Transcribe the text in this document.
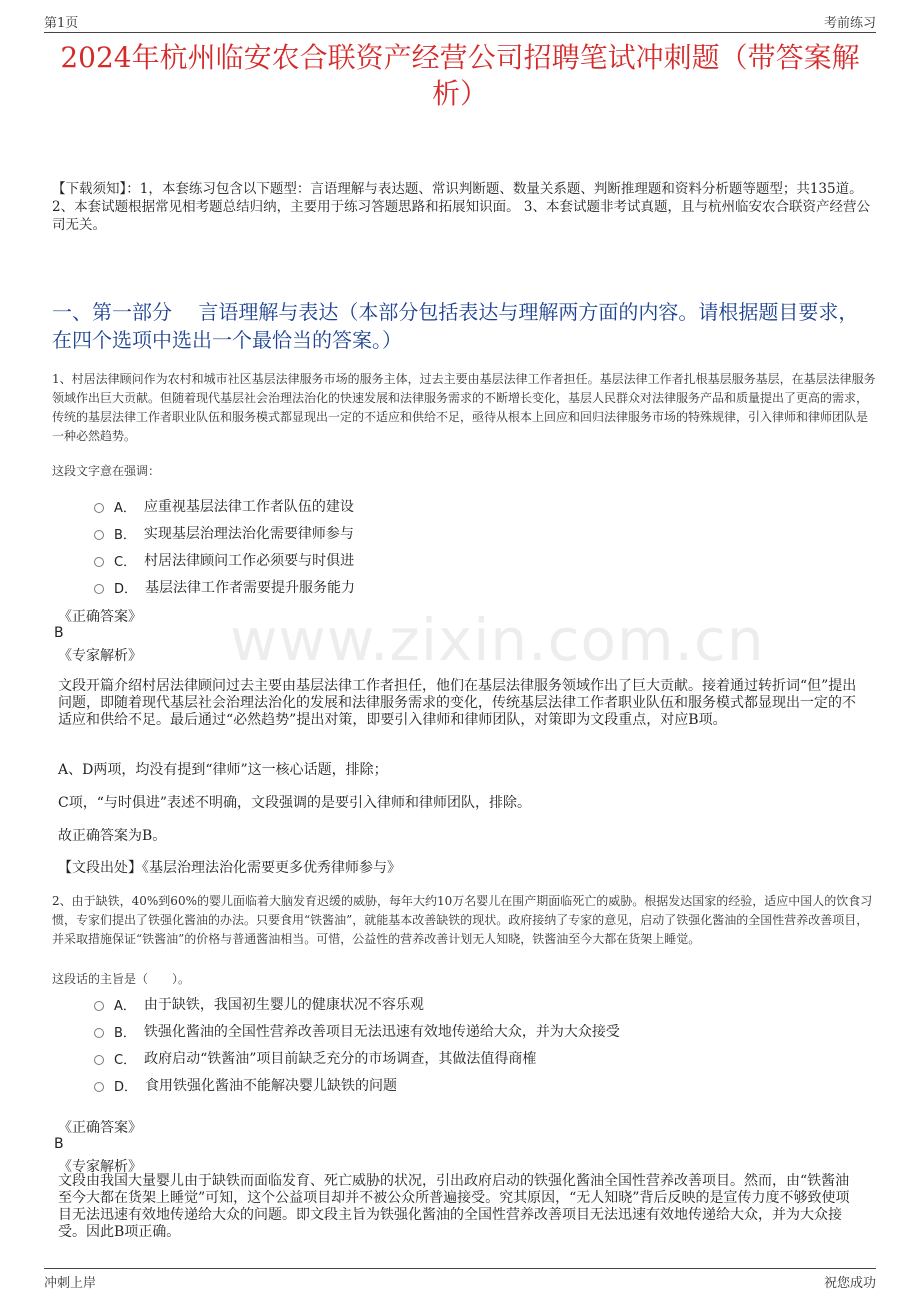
第1页	考前练习
2024年杭州临安农合联资产经营公司招聘笔试冲刺题（带答案解析）
【下载须知】：1，本套练习包含以下题型：言语理解与表达题、常识判断题、数量关系题、判断推理题和资料分析题等题型；共135道。 2、本套试题根据常见相考题总结归纳，主要用于练习答题思路和拓展知识面。 3、本套试题非考试真题，且与杭州临安农合联资产经营公司无关。
一、第一部分　 言语理解与表达（本部分包括表达与理解两方面的内容。请根据题目要求，在四个选项中选出一个最恰当的答案。）
www.zixin.com.cn
1、村居法律顾问作为农村和城市社区基层法律服务市场的服务主体，过去主要由基层法律工作者担任。基层法律工作者扎根基层服务基层，在基层法律服务领域作出巨大贡献。但随着现代基层社会治理法治化的快速发展和法律服务需求的不断增长变化，基层人民群众对法律服务产品和质量提出了更高的需求，传统的基层法律工作者职业队伍和服务模式都显现出一定的不适应和供给不足，亟待从根本上回应和回归法律服务市场的特殊规律，引入律师和律师团队是一种必然趋势。
这段文字意在强调：
A． 应重视基层法律工作者队伍的建设
B． 实现基层治理法治化需要律师参与
C． 村居法律顾问工作必须要与时俱进
D． 基层法律工作者需要提升服务能力
《正确答案》
B
《专家解析》
文段开篇介绍村居法律顾问过去主要由基层法律工作者担任，他们在基层法律服务领域作出了巨大贡献。接着通过转折词“但”提出问题，即随着现代基层社会治理法治化的发展和法律服务需求的变化，传统基层法律工作者职业队伍和服务模式都显现出一定的不适应和供给不足。最后通过“必然趋势”提出对策，即要引入律师和律师团队，对策即为文段重点，对应B项。
A、D两项，均没有提到“律师”这一核心话题，排除；
C项，“与时俱进”表述不明确，文段强调的是要引入律师和律师团队，排除。
故正确答案为B。
【文段出处】《基层治理法治化需要更多优秀律师参与》
2、由于缺铁，40%到60%的婴儿面临着大脑发育迟缓的威胁，每年大约10万名婴儿在围产期面临死亡的威胁。根据发达国家的经验，适应中国人的饮食习惯，专家们提出了铁强化酱油的办法。只要食用“铁酱油”，就能基本改善缺铁的现状。政府接纳了专家的意见，启动了铁强化酱油的全国性营养改善项目，并采取措施保证“铁酱油”的价格与普通酱油相当。可惜，公益性的营养改善计划无人知晓，铁酱油至今大都在货架上睡觉。
这段话的主旨是（　　）。
A． 由于缺铁，我国初生婴儿的健康状况不容乐观
B． 铁强化酱油的全国性营养改善项目无法迅速有效地传递给大众，并为大众接受
C． 政府启动“铁酱油”项目前缺乏充分的市场调查，其做法值得商榷
D． 食用铁强化酱油不能解决婴儿缺铁的问题
《正确答案》
B
《专家解析》
文段由我国大量婴儿由于缺铁而面临发育、死亡威胁的状况，引出政府启动的铁强化酱油全国性营养改善项目。然而，由“铁酱油至今大都在货架上睡觉”可知，这个公益项目却并不被公众所普遍接受。究其原因，“无人知晓”背后反映的是宣传力度不够致使项目无法迅速有效地传递给大众的问题。即文段主旨为铁强化酱油的全国性营养改善项目无法迅速有效地传递给大众，并为大众接受。因此B项正确。
冲刺上岸	祝您成功
